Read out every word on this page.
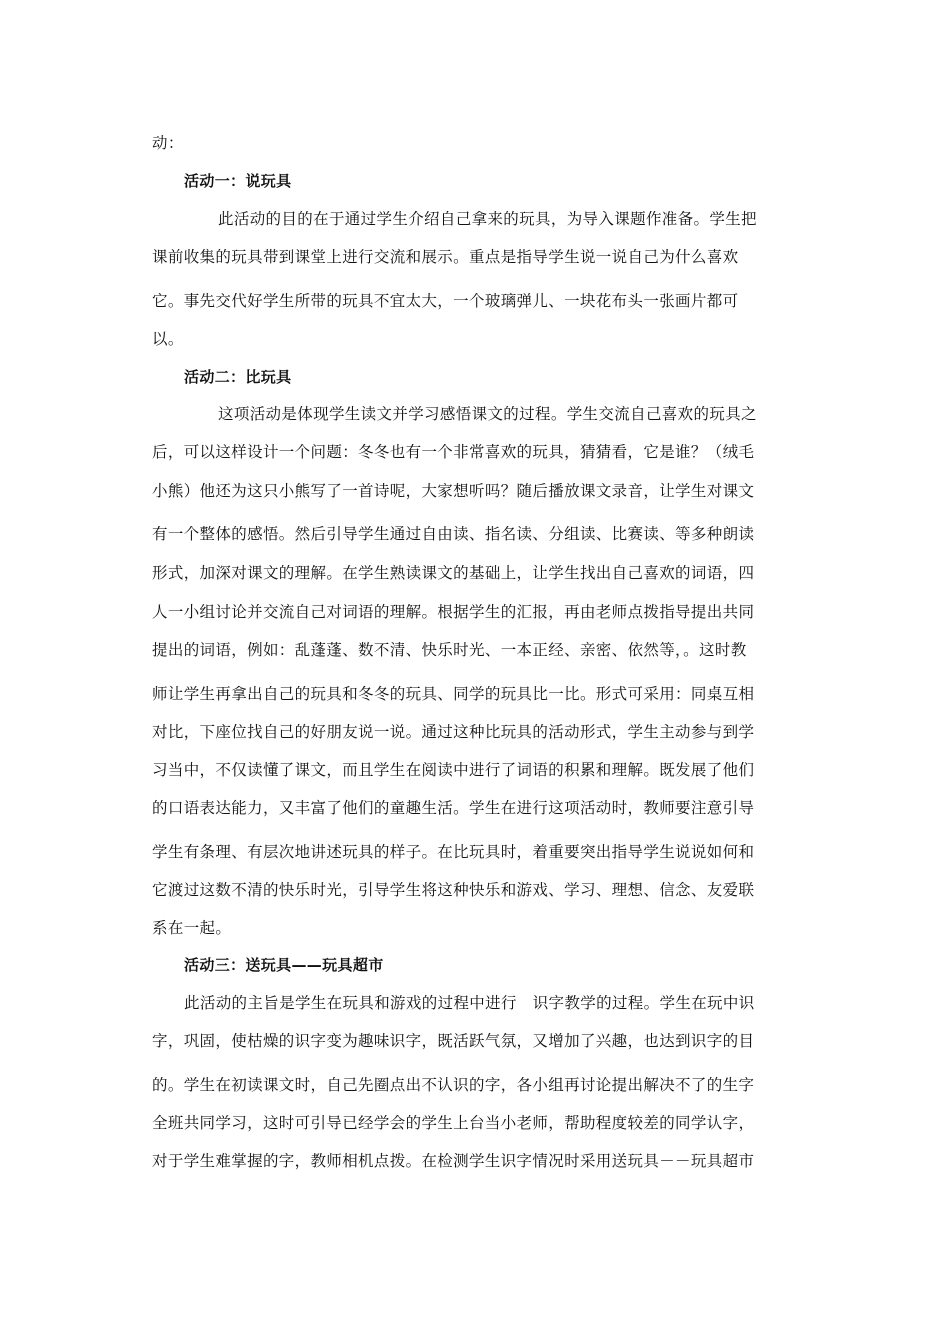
动：
活动一：说玩具
此活动的目的在于通过学生介绍自己拿来的玩具，为导入课题作准备。学生把
课前收集的玩具带到课堂上进行交流和展示。重点是指导学生说一说自己为什么喜欢
它。事先交代好学生所带的玩具不宜太大，一个玻璃弹儿、一块花布头一张画片都可
以。
活动二：比玩具
这项活动是体现学生读文并学习感悟课文的过程。学生交流自己喜欢的玩具之
后，可以这样设计一个问题：冬冬也有一个非常喜欢的玩具，猜猜看，它是谁？（绒毛
小熊）他还为这只小熊写了一首诗呢，大家想听吗？随后播放课文录音，让学生对课文
有一个整体的感悟。然后引导学生通过自由读、指名读、分组读、比赛读、等多种朗读
形式，加深对课文的理解。在学生熟读课文的基础上，让学生找出自己喜欢的词语，四
人一小组讨论并交流自己对词语的理解。根据学生的汇报，再由老师点拨指导提出共同
提出的词语，例如：乱蓬蓬、数不清、快乐时光、一本正经、亲密、依然等，。这时教
师让学生再拿出自己的玩具和冬冬的玩具、同学的玩具比一比。形式可采用：同桌互相
对比，下座位找自己的好朋友说一说。通过这种比玩具的活动形式，学生主动参与到学
习当中，不仅读懂了课文，而且学生在阅读中进行了词语的积累和理解。既发展了他们
的口语表达能力，又丰富了他们的童趣生活。学生在进行这项活动时，教师要注意引导
学生有条理、有层次地讲述玩具的样子。在比玩具时，着重要突出指导学生说说如何和
它渡过这数不清的快乐时光，引导学生将这种快乐和游戏、学习、理想、信念、友爱联
系在一起。
活动三：送玩具——玩具超市
此活动的主旨是学生在玩具和游戏的过程中进行　识字教学的过程。学生在玩中识
字，巩固，使枯燥的识字变为趣味识字，既活跃气氛，又增加了兴趣，也达到识字的目
的。学生在初读课文时，自己先圈点出不认识的字，各小组再讨论提出解决不了的生字
全班共同学习，这时可引导已经学会的学生上台当小老师，帮助程度较差的同学认字，
对于学生难掌握的字，教师相机点拨。在检测学生识字情况时采用送玩具－－玩具超市
